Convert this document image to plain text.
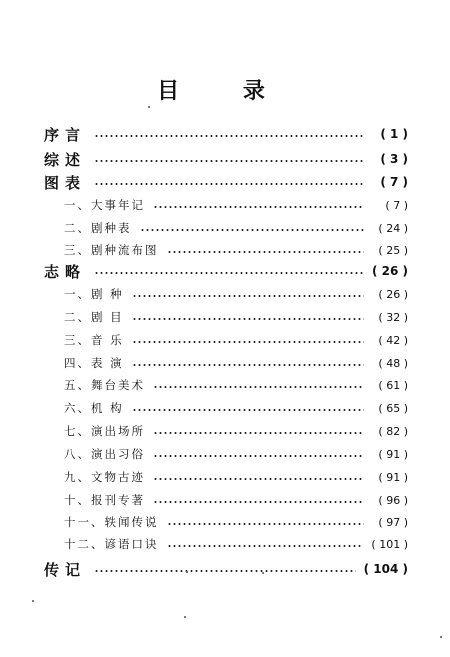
目 录
序言	( 1 )
综述	( 3 )
图表	( 7 )
一、大事年记	( 7 )
二、剧种表	( 24 )
三、剧种流布图	( 25 )
志略	( 26 )
一、剧 种	( 26 )
二、剧 目	( 32 )
三、音 乐	( 42 )
四、表 演	( 48 )
五、舞台美术	( 61 )
六、机 构	( 65 )
七、演出场所	( 82 )
八、演出习俗	( 91 )
九、文物古迹	( 91 )
十、报刊专著	( 96 )
十一、轶闻传说	( 97 )
十二、谚语口诀	( 101 )
传记	( 104 )
